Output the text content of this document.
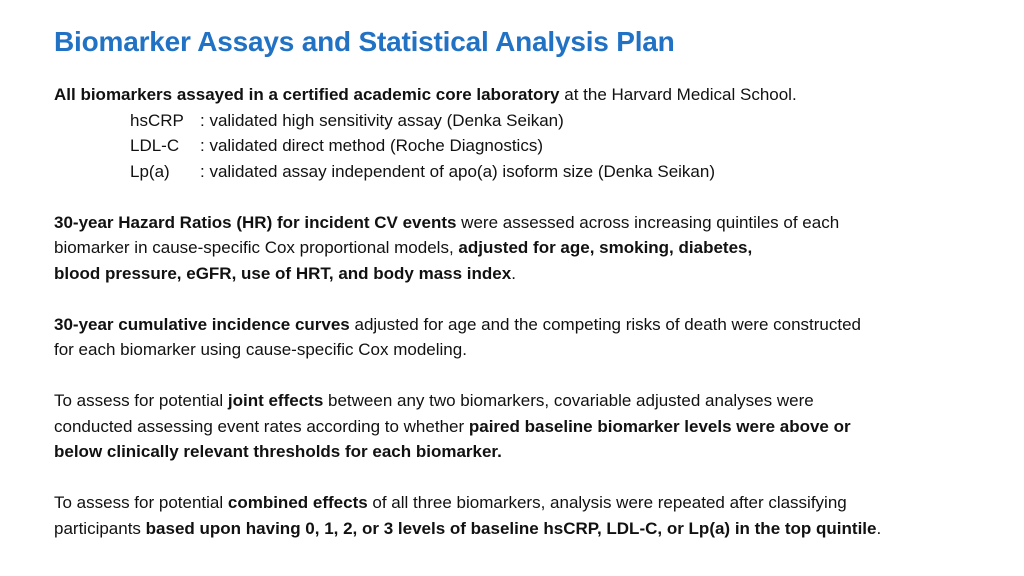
Biomarker Assays and Statistical Analysis Plan
All biomarkers assayed in a certified academic core laboratory at the Harvard Medical School.
hsCRP : validated high sensitivity assay (Denka Seikan)
LDL-C : validated direct method (Roche Diagnostics)
Lp(a) : validated assay independent of apo(a) isoform size (Denka Seikan)
30-year Hazard Ratios (HR) for incident CV events were assessed across increasing quintiles of each
biomarker in cause-specific Cox proportional models, adjusted for age, smoking, diabetes,
blood pressure, eGFR, use of HRT, and body mass index.
30-year cumulative incidence curves adjusted for age and the competing risks of death were constructed
for each biomarker using cause-specific Cox modeling.
To assess for potential joint effects between any two biomarkers, covariable adjusted analyses were
conducted assessing event rates according to whether paired baseline biomarker levels were above or
below clinically relevant thresholds for each biomarker.
To assess for potential combined effects of all three biomarkers, analysis were repeated after classifying
participants based upon having 0, 1, 2, or 3 levels of baseline hsCRP, LDL-C, or Lp(a) in the top quintile.
